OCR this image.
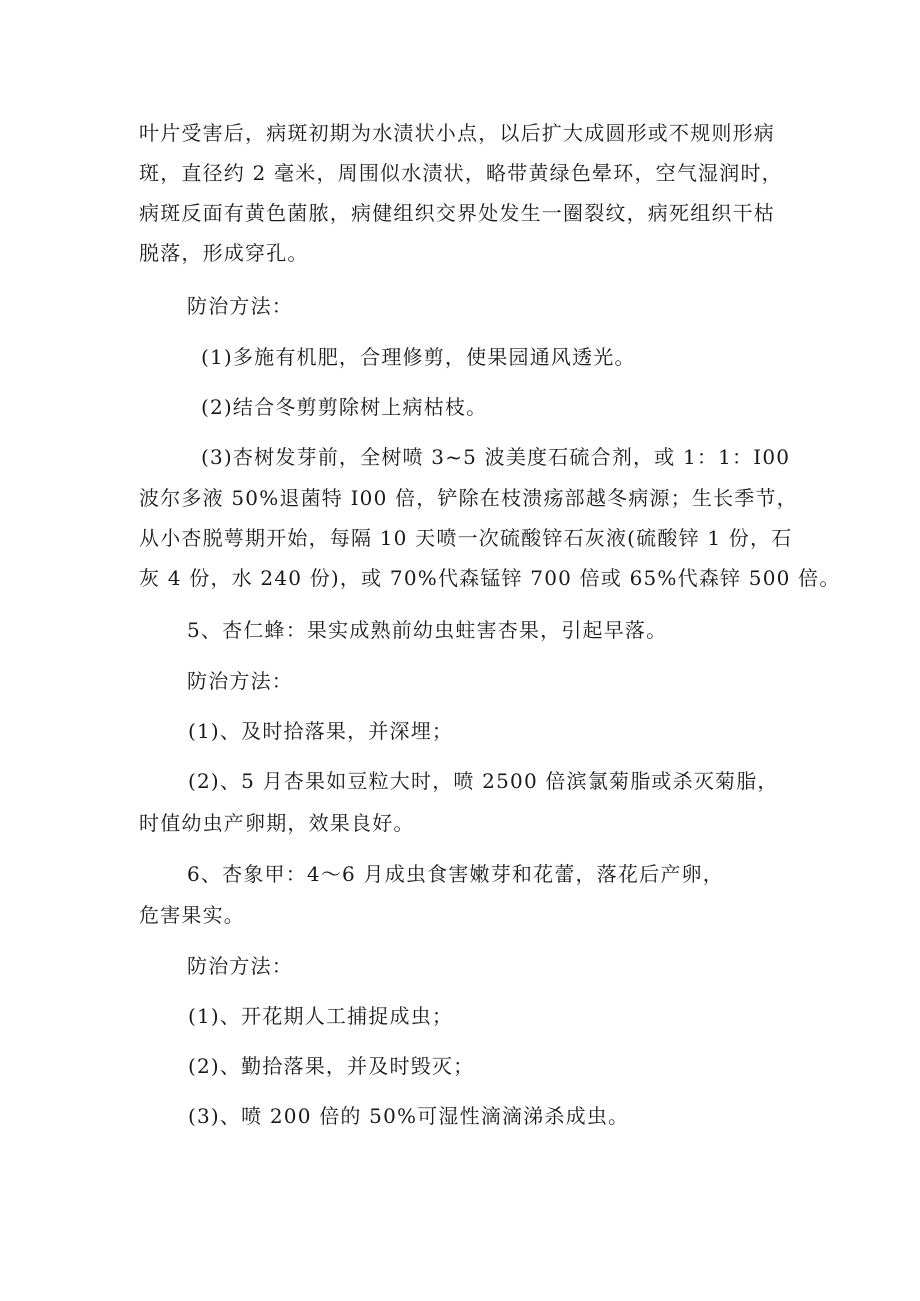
叶片受害后，病斑初期为水渍状小点，以后扩大成圆形或不规则形病
斑，直径约 2 毫米，周围似水渍状，略带黄绿色晕环，空气湿润时，
病斑反面有黄色菌脓，病健组织交界处发生一圈裂纹，病死组织干枯
脱落，形成穿孔。
防治方法：
(1)多施有机肥，合理修剪，使果园通风透光。
(2)结合冬剪剪除树上病枯枝。
(3)杏树发芽前，全树喷 3~5 波美度石硫合剂，或 1：1：I00
波尔多液 50%退菌特 I00 倍，铲除在枝溃疡部越冬病源；生长季节，
从小杏脱萼期开始，每隔 10 天喷一次硫酸锌石灰液(硫酸锌 1 份，石
灰 4 份，水 240 份)，或 70%代森锰锌 700 倍或 65%代森锌 500 倍。
5、杏仁蜂：果实成熟前幼虫蛀害杏果，引起早落。
防治方法：
(1)、及时拾落果，并深埋；
(2)、5 月杏果如豆粒大时，喷 2500 倍滨氯菊脂或杀灭菊脂，
时值幼虫产卵期，效果良好。
6、杏象甲：4～6 月成虫食害嫩芽和花蕾，落花后产卵，
危害果实。
防治方法：
(1)、开花期人工捕捉成虫；
(2)、勤拾落果，并及时毁灭；
(3)、喷 200 倍的 50%可湿性滴滴涕杀成虫。
